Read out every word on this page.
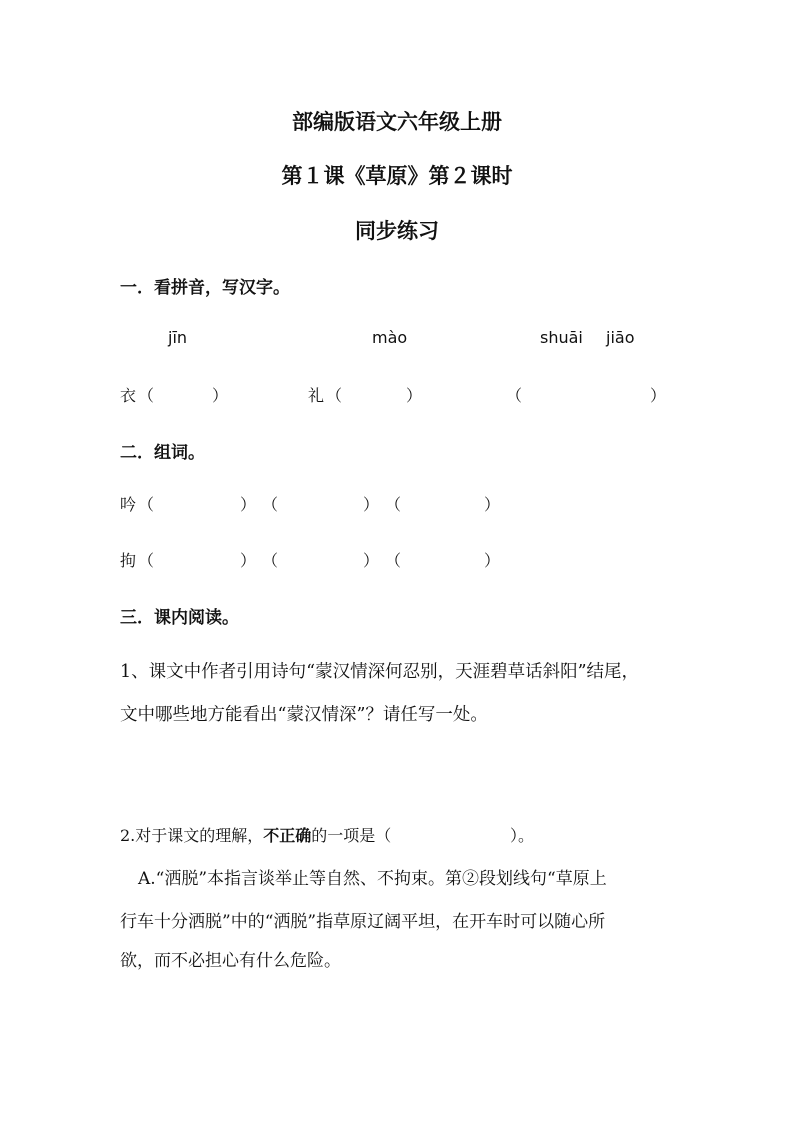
部编版语文六年级上册
第１课《草原》第２课时
同步练习
一．看拼音，写汉字。
jīn	mào	shuāi jiāo
衣 （	）	礼 （	）	（	）
二．组词。
吟 （	） （	） （	）
拘 （	） （	） （	）
三．课内阅读。
1、课文中作者引用诗句“蒙汉情深何忍别，天涯碧草话斜阳”结尾，
文中哪些地方能看出“蒙汉情深”？请任写一处。
2.对于课文的理解，不正确的一项是（	）。
A.“洒脱”本指言谈举止等自然、不拘束。第②段划线句“草原上
行车十分洒脱”中的“洒脱”指草原辽阔平坦，在开车时可以随心所
欲，而不必担心有什么危险。
